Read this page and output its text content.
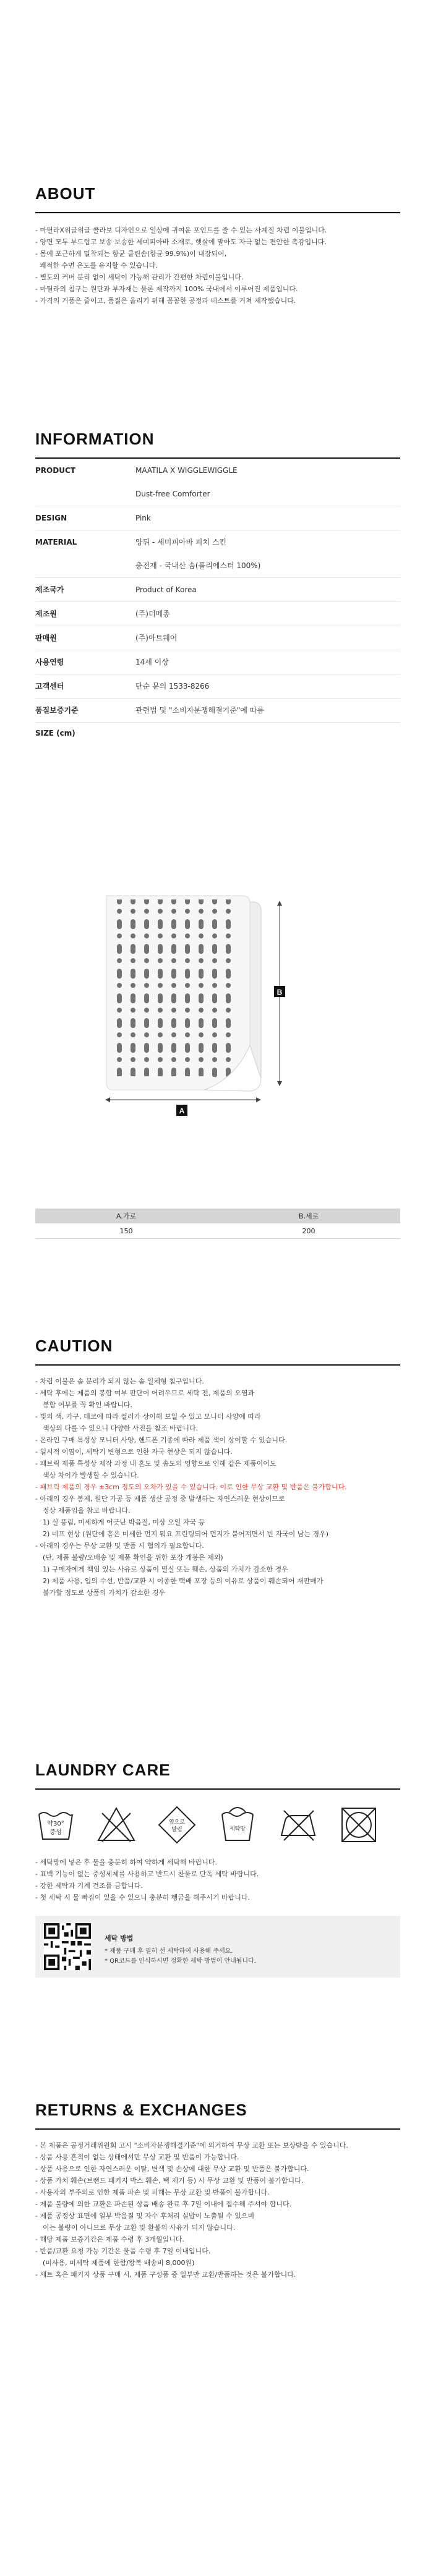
ABOUT

- 마틸라X위글위글 콜라보 디자인으로 일상에 귀여운 포인트를 줄 수 있는 사계절 차렵 이불입니다.

- 양면 모두 부드럽고 보송 보송한 세미피아바 소재로, 햇살에 말아도 자극 없는 편안한 촉감입니다.

- 몸에 포근하게 밀착되는 항균 클린솜(항균 99.9%)이 내장되어,

쾌적한 수면 온도를 유지할 수 있습니다.

- 별도의 커버 분리 없이 세탁이 가능해 관리가 간편한 차렵이불입니다.

- 마틸라의 침구는 원단과 부자재는 물론 제작까지 100% 국내에서 이루어진 제품입니다.

- 가격의 거품은 줄이고, 품질은 올리기 위해 꼼꼼한 공정과 테스트를 거쳐 제작했습니다.

INFORMATION
PRODUCT	MAATILA X WIGGLEWIGGLE
Dust-free Comforter
DESIGN	Pink
MATERIAL	양뒤 - 세미피아바 피치 스킨
충전재 - 국내산 솜(폴리에스터 100%)
제조국가	Product of Korea
제조원	(주)더메종
판매원	(주)아트웨어
사용연령	14세 이상
고객센터	단순 문의 1533-8266
품질보증기준	관련법 및 "소비자분쟁해결기준"에 따름
SIZE (cm)
B
A
A.가로	B.세로
150	200
CAUTION

- 차렵 이불은 솜 분리가 되지 않는 솜 일체형 침구입니다.

- 세탁 후에는 제품의 봉합 여부 판단이 어려우므로 세탁 전, 제품의 오염과

봉합 여부를 꼭 확인 바랍니다.

- 빛의 색, 가구, 데코에 따라 컬러가 상이해 보일 수 있고 모니터 사양에 따라

색상의 다를 수 있으니 다양한 사진을 참조 바랍니다.

- 온라인 구매 특성상 모니터 사양, 핸드폰 기종에 따라 제품 색이 상이할 수 있습니다.

- 일시적 이염이, 세탁기 변형으로 인한 자국 현상은 되지 않습니다.

- 패브릭 제품 특성상 제작 과정 내 혼도 및 솜도의 영향으로 인해 같은 제품이어도

색상 차이가 발생할 수 있습니다.

- 패브릭 제품의 경우 ±3cm 정도의 오차가 있을 수 있습니다. 이로 인한 무상 교환 및 반품은 불가합니다.

- 아래의 경우 봉제, 원단 가공 등 제품 생산 공정 중 발생하는 자연스러운 현상이므로

정상 제품임을 참고 바랍니다.

1) 실 풍림, 미세하게 어긋난 박음질, 미상 오일 자국 등

2) 네프 현상 (원단에 흩은 미세한 먼지 뭐요 프린팅되어 먼지가 붙어져면서 빈 자국이 남는 경우)

- 아래의 경우는 무상 교환 및 반품 시 협의가 필요합니다.

(단, 제품 불량/오배송 및 제품 확인을 위한 포장 개봉은 제외)

1) 구매자에게 책임 있는 사유로 상품이 멸실 또는 훼손, 상품의 가치가 감소한 경우

2) 제품 사용, 입의 수선, 반품/교환 시 이종한 택배 포장 등의 이유로 상품이 훼손되어 재판매가

불가할 정도로 상품의 가치가 감소한 경우

LAUNDRY CARE
약30°
중성
옆으로
말림	세탁망

- 세탁망에 넣은 후 물을 충분히 하여 약하게 세탁해 바랍니다.

- 표백 기능이 없는 중성세제를 사용하고 반드시 찬물로 단독 세탁 바랍니다.

- 강한 세탁과 기계 건조를 금합니다.

- 첫 세탁 시 물 빠짐이 있을 수 있으니 충분히 헹굼을 해주시기 바랍니다.

세탁 방법
* 제품 구매 후 필히 선 세탁하여 사용해 주세요.
* QR코드를 인식하시면 정확한 세탁 방법이 안내됩니다.
RETURNS & EXCHANGES

- 본 제품은 공정거래위원회 고시 "소비자분쟁해결기준"에 의거하여 무상 교환 또는 보상받을 수 있습니다.

- 상품 사용 흔적이 없는 상태에서만 무상 교환 및 반품이 가능합니다.

- 상품 사용으로 인한 자연스러운 이탈, 변색 및 손상에 대한 무상 교환 및 반품은 불가합니다.

- 상품 가치 훼손(브랜드 패키지 박스 훼손, 택 제거 등) 시 무상 교환 및 반품이 불가합니다.

- 사용자의 부주의로 인한 제품 파손 및 피해는 무상 교환 및 반품이 불가합니다.

- 제품 불량에 의한 교환은 파손된 상품 배송 완료 후 7일 이내에 접수해 주셔야 합니다.

- 제품 공정상 표면에 일부 박음질 및 자수 후처리 실밥이 노출될 수 있으며

이는 불량이 아니므로 무상 교환 및 환불의 사유가 되지 않습니다.

- 해당 제품 보증기간은 제품 수령 후 3개월입니다.

- 반품/교환 요청 가능 기간은 물품 수령 후 7일 이내입니다.

(미사용, 미세탁 제품에 한함/왕복 배송비 8,000원)

- 세트 혹은 패키지 상품 구매 시, 제품 구성품 중 일부만 교환/반품하는 것은 불가합니다.
